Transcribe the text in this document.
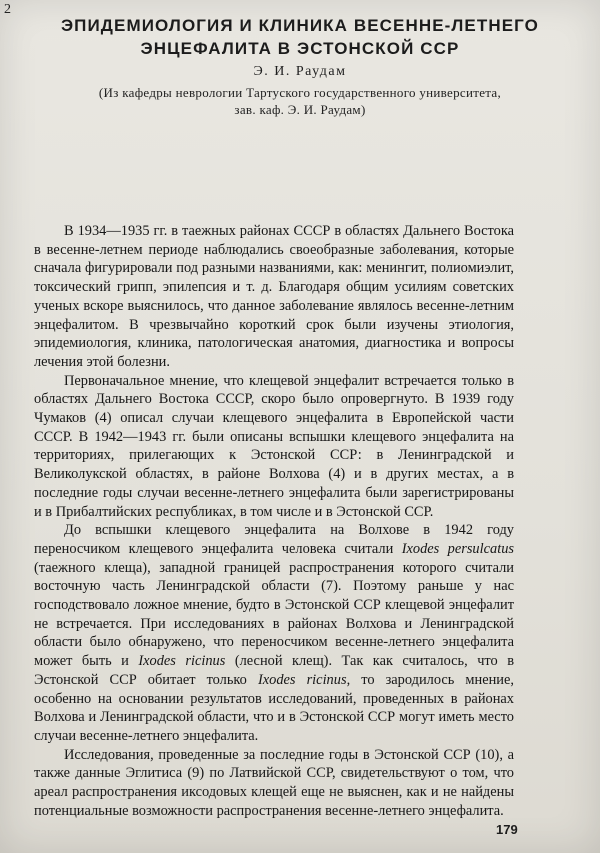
2
ЭПИДЕМИОЛОГИЯ И КЛИНИКА ВЕСЕННЕ-ЛЕТНЕГО
ЭНЦЕФАЛИТА В ЭСТОНСКОЙ ССР
Э. И. Раудам
(Из кафедры неврологии Тартуского государственного университета,
зав. каф. Э. И. Раудам)

В 1934—1935 гг. в таежных районах СССР в областях Дальнего Востока в весенне-летнем периоде наблюдались своеобразные заболевания, которые сначала фигурировали под разными названиями, как: менингит, полиомиэлит, токсический грипп, эпилепсия и т. д. Благодаря общим усилиям советских ученых вскоре выяснилось, что данное заболевание являлось весенне-летним энцефалитом. В чрезвычайно короткий срок были изучены этиология, эпидемиология, клиника, патологическая анатомия, диагностика и вопросы лечения этой болезни.

Первоначальное мнение, что клещевой энцефалит встречается только в областях Дальнего Востока СССР, скоро было опровергнуто. В 1939 году Чумаков (4) описал случаи клещевого энцефалита в Европейской части СССР. В 1942—1943 гг. были описаны вспышки клещевого энцефалита на территориях, прилегающих к Эстонской ССР: в Ленинградской и Великолукской областях, в районе Волхова (4) и в других местах, а в последние годы случаи весенне-летнего энцефалита были зарегистрированы и в Прибалтийских республиках, в том числе и в Эстонской ССР.

До вспышки клещевого энцефалита на Волхове в 1942 году переносчиком клещевого энцефалита человека считали Ixodes persulcatus (таежного клеща), западной границей распространения которого считали восточную часть Ленинградской области (7). Поэтому раньше у нас господствовало ложное мнение, будто в Эстонской ССР клещевой энцефалит не встречается. При исследованиях в районах Волхова и Ленинградской области было обнаружено, что переносчиком весенне-летнего энцефалита может быть и Ixodes ricinus (лесной клещ). Так как считалось, что в Эстонской ССР обитает только Ixodes ricinus, то зародилось мнение, особенно на основании результатов исследований, проведенных в районах Волхова и Ленинградской области, что и в Эстонской ССР могут иметь место случаи весенне-летнего энцефалита.

Исследования, проведенные за последние годы в Эстонской ССР (10), а также данные Эглитиса (9) по Латвийской ССР, свидетельствуют о том, что ареал распространения иксодовых клещей еще не выяснен, как и не найдены потенциальные возможности распространения весенне-летнего энцефалита.

179
